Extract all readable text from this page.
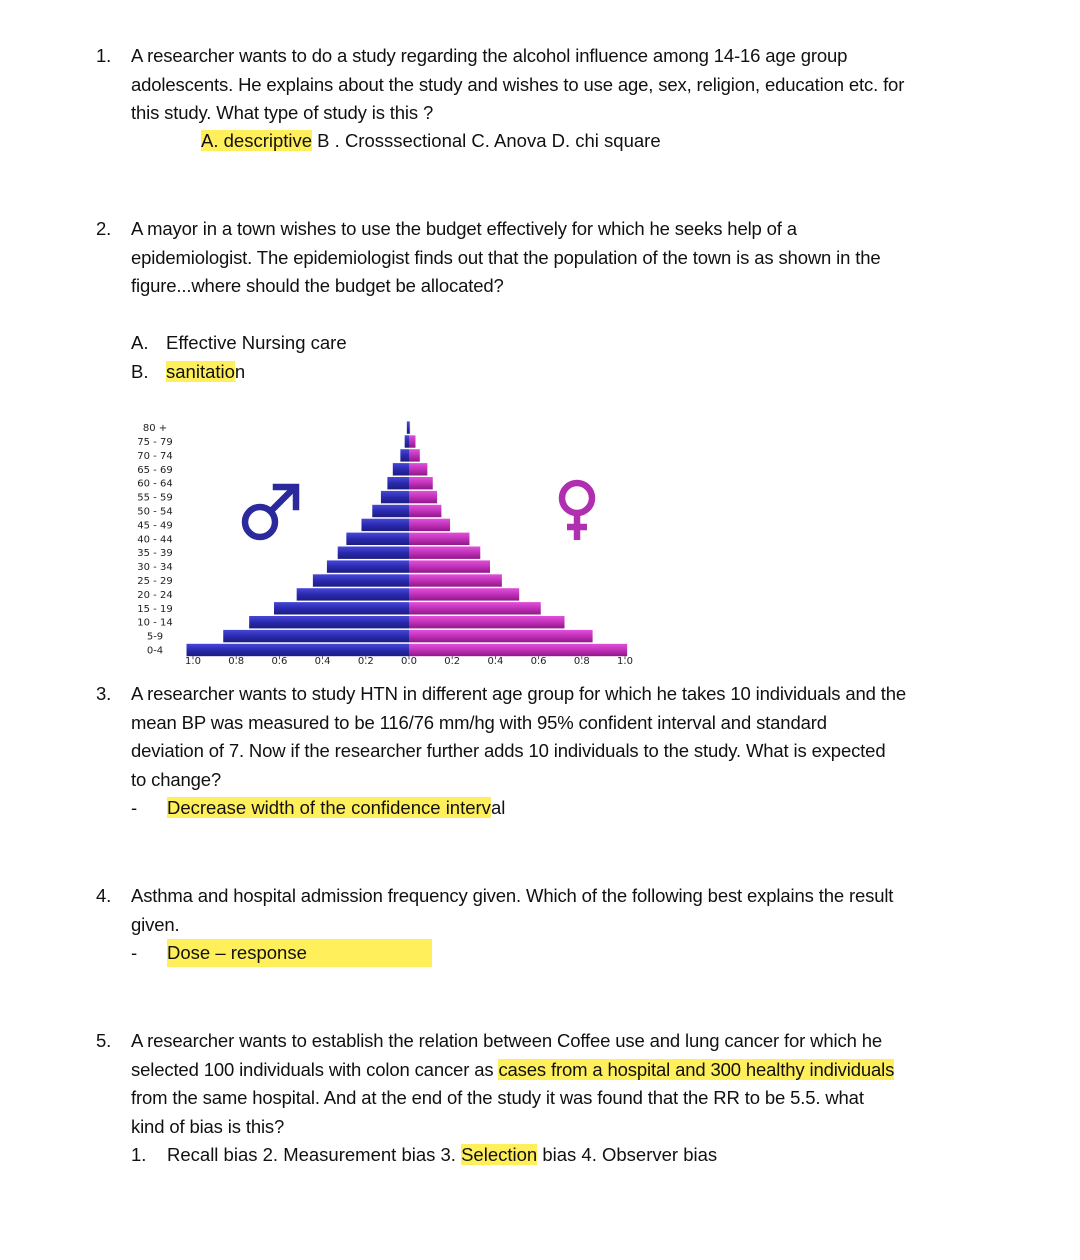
1. A researcher wants to do a study regarding the alcohol influence among 14-16 age group
adolescents. He explains about the study and wishes to use age, sex, religion, education etc. for
this study. What type of study is this ?
A. descriptive B . Crosssectional C. Anova D. chi square
2. A mayor in a town wishes to use the budget effectively for which he seeks help of a
epidemiologist. The epidemiologist finds out that the population of the town is as shown in the
figure...where should the budget be allocated?
A. Effective Nursing care
B. sanitation
0-4
5-9
10 - 14
15 - 19
20 - 24
25 - 29
30 - 34
35 - 39
40 - 44
45 - 49
50 - 54
55 - 59
60 - 64
65 - 69
70 - 74
75 - 79
80 +
1.0	0.8	0.6	0.4	0.2	0.0	0.2	0.4	0.6	0.8	1.0
3. A researcher wants to study HTN in different age group for which he takes 10 individuals and the
mean BP was measured to be 116/76 mm/hg with 95% confident interval and standard
deviation of 7. Now if the researcher further adds 10 individuals to the study. What is expected
to change?
- Decrease width of the confidence interval
4. Asthma and hospital admission frequency given. Which of the following best explains the result
given.
- Dose – response
5. A researcher wants to establish the relation between Coffee use and lung cancer for which he
selected 100 individuals with colon cancer as cases from a hospital and 300 healthy individuals
from the same hospital. And at the end of the study it was found that the RR to be 5.5. what
kind of bias is this?
1. Recall bias 2. Measurement bias 3. Selection bias 4. Observer bias
